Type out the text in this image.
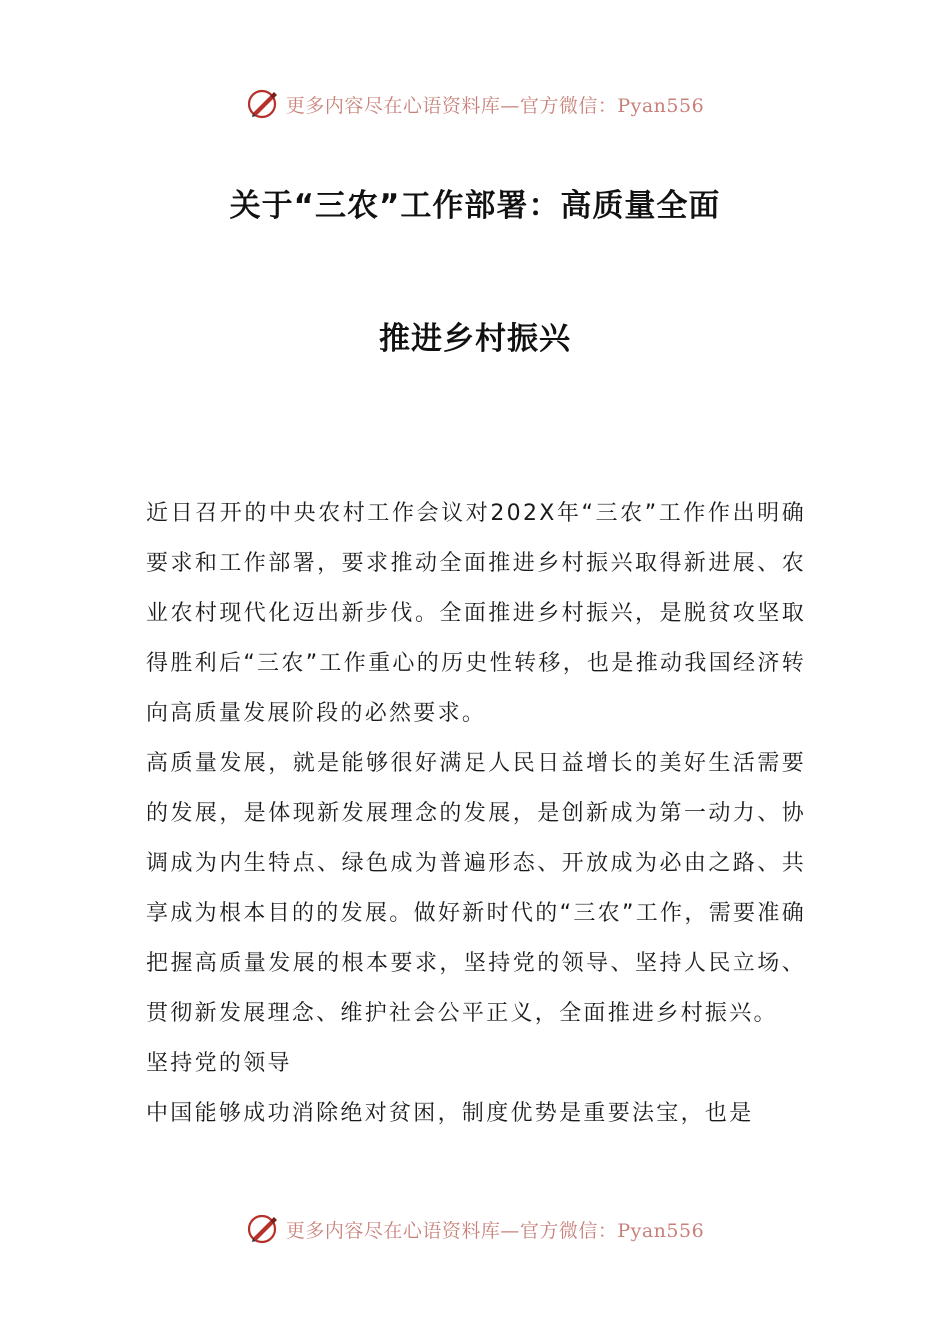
更多内容尽在心语资料库—官方微信：Pyan556
关于“三农”工作部署：高质量全面
推进乡村振兴

近日召开的中央农村工作会议对202X年“三农”工作作出明确要求和工作部署，要求推动全面推进乡村振兴取得新进展、农业农村现代化迈出新步伐。全面推进乡村振兴，是脱贫攻坚取得胜利后“三农”工作重心的历史性转移，也是推动我国经济转向高质量发展阶段的必然要求。

高质量发展，就是能够很好满足人民日益增长的美好生活需要的发展，是体现新发展理念的发展，是创新成为第一动力、协调成为内生特点、绿色成为普遍形态、开放成为必由之路、共享成为根本目的的发展。做好新时代的“三农”工作，需要准确把握高质量发展的根本要求，坚持党的领导、坚持人民立场、贯彻新发展理念、维护社会公平正义，全面推进乡村振兴。

坚持党的领导

中国能够成功消除绝对贫困，制度优势是重要法宝，也是

更多内容尽在心语资料库—官方微信：Pyan556
